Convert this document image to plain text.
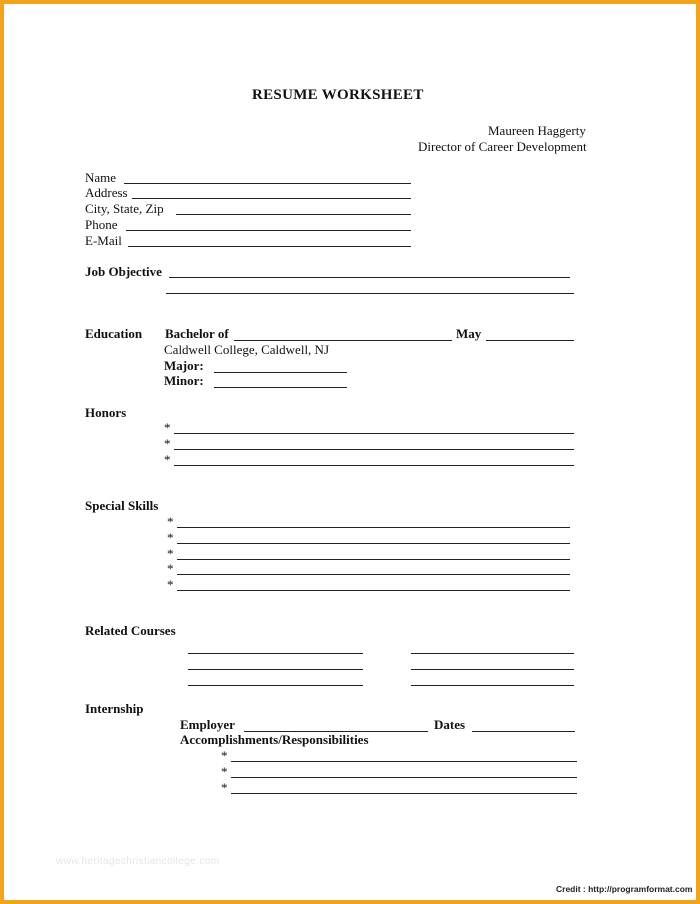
RESUME WORKSHEET
Maureen Haggerty
Director of Career Development
Name
Address
City, State, Zip
Phone
E-Mail
Job Objective
Education Bachelor of	May
Caldwell College, Caldwell, NJ
Major:
Minor:
Honors
*
*
*
Special Skills
*
*
*
*
*
Related Courses
Internship
Employer	Dates
Accomplishments/Responsibilities
*
*
*
www.heritagechristiancollege.com
Credit : http://programformat.com
